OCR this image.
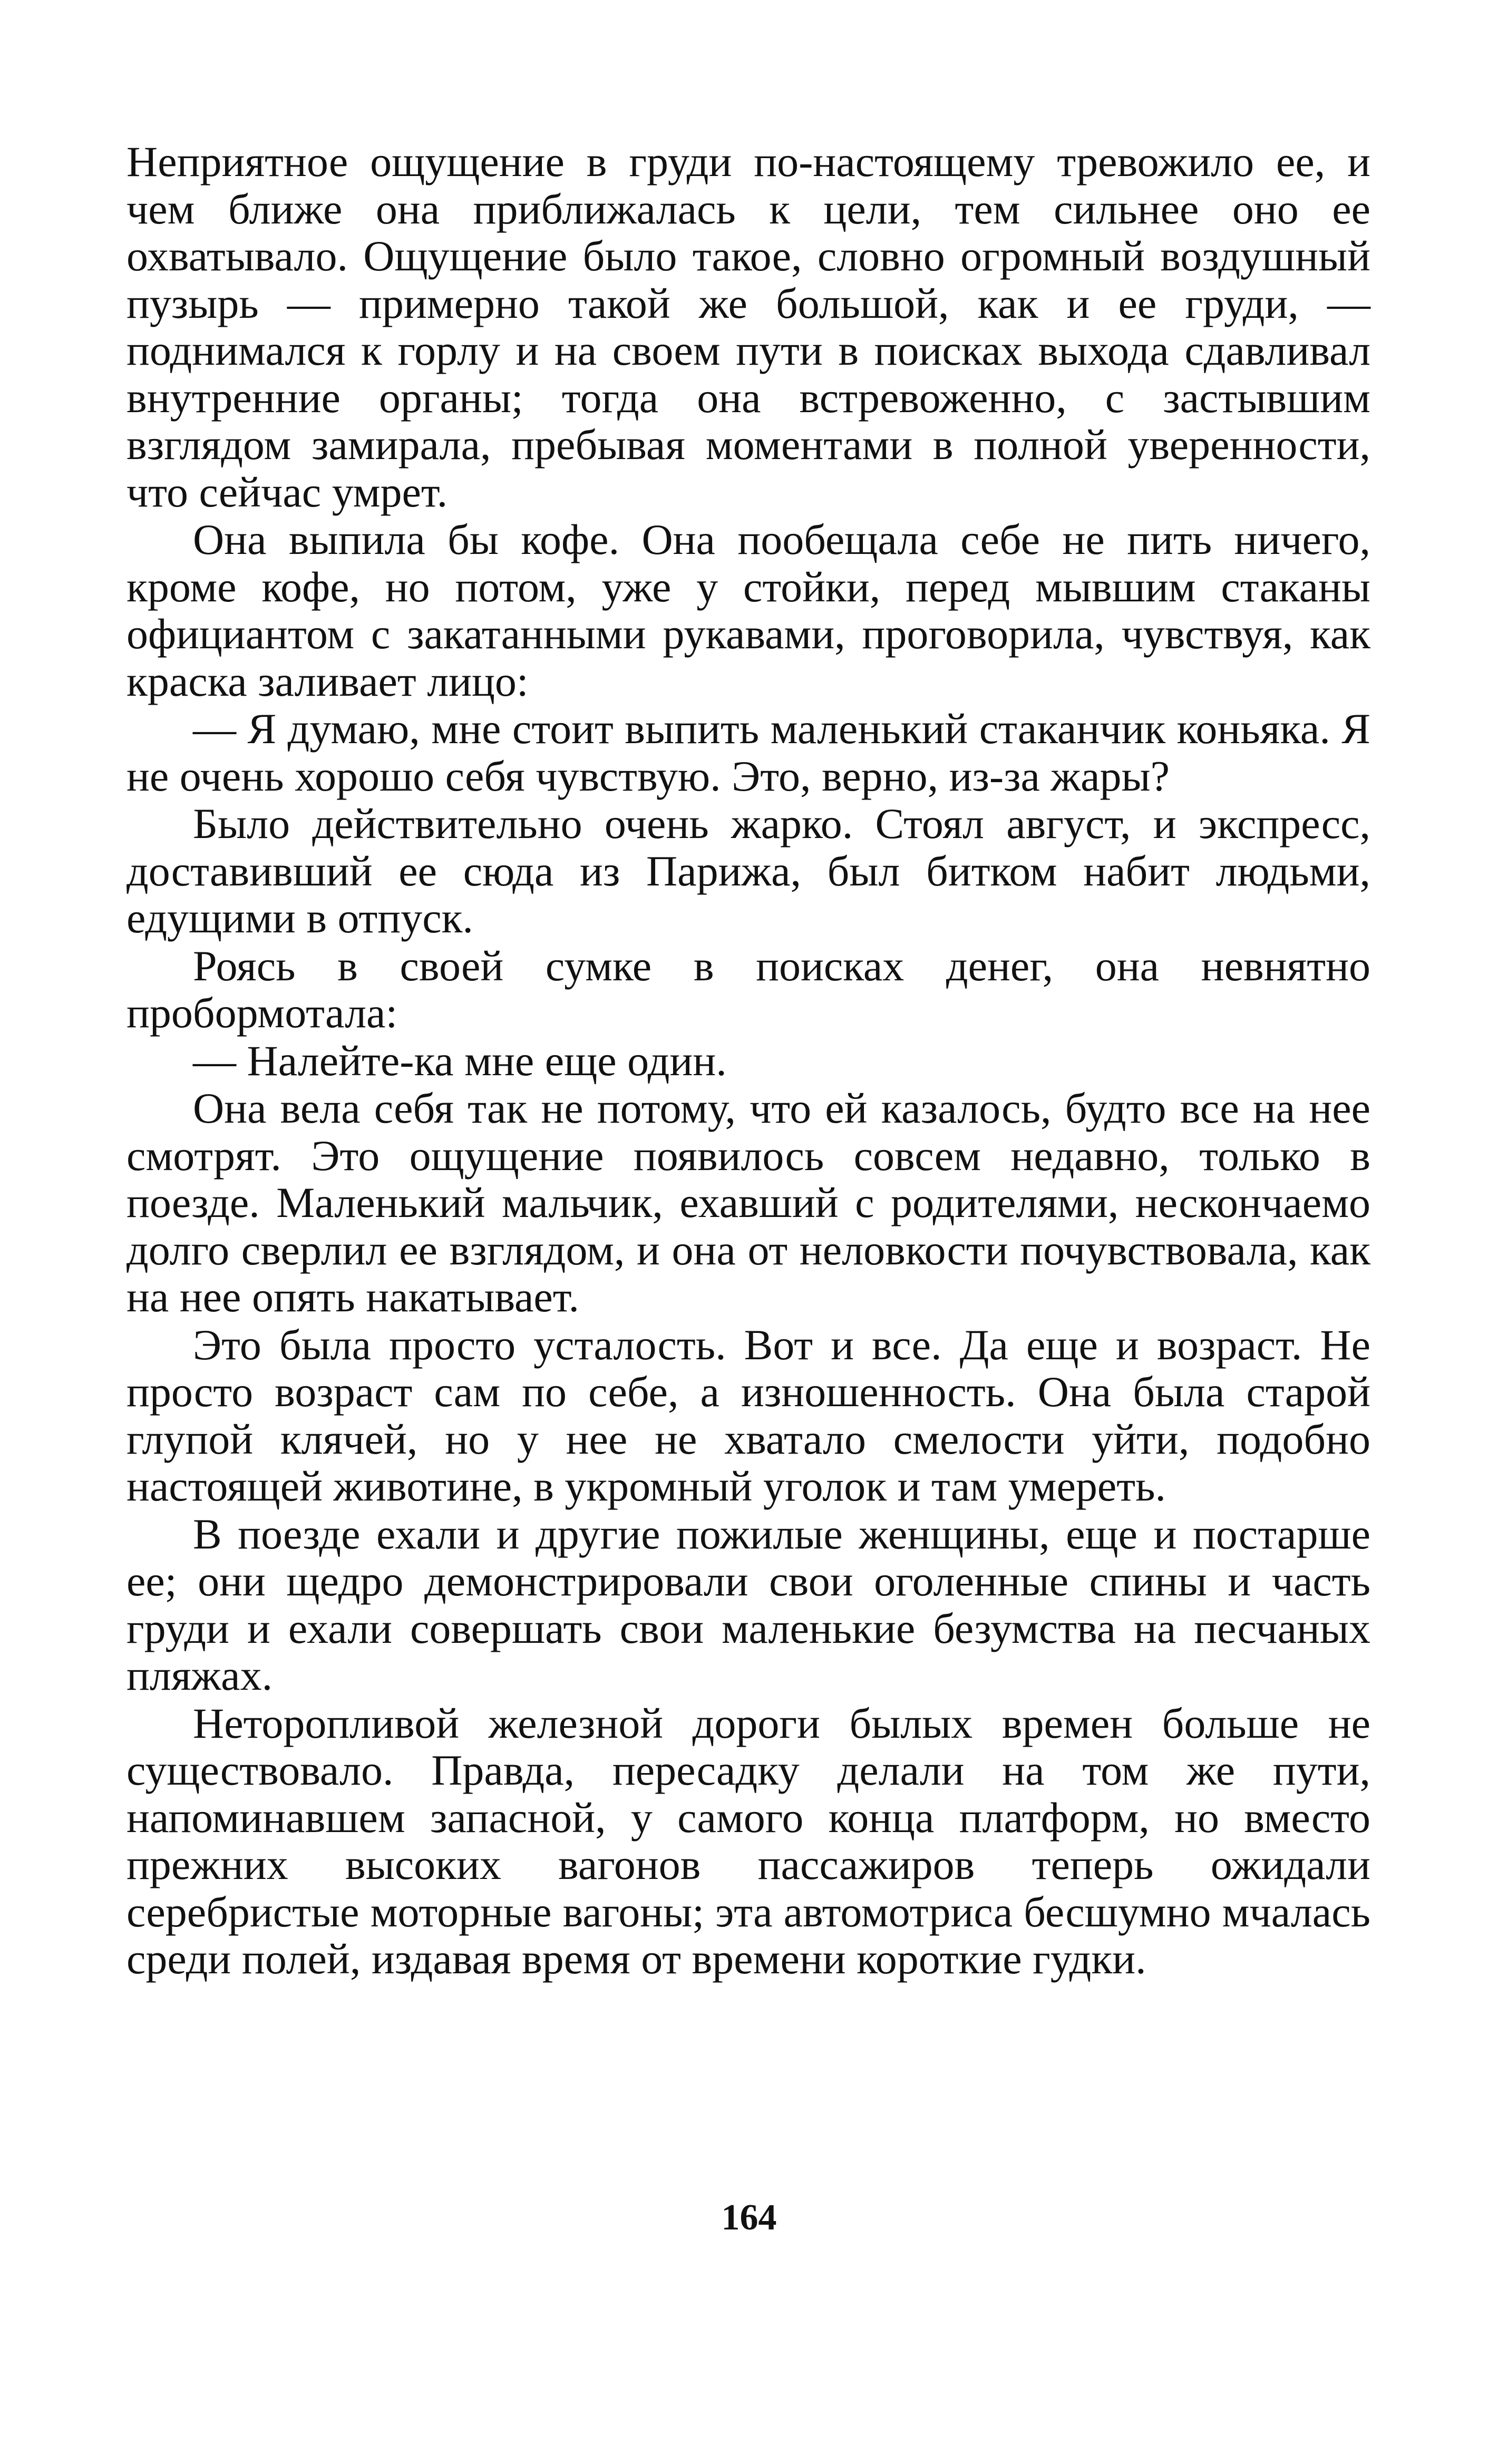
Неприятное ощущение в груди по-настоящему тревожило ее, и чем ближе она приближалась к цели, тем сильнее оно ее охватывало. Ощущение было такое, словно огромный воздушный пузырь — примерно такой же большой, как и ее груди, — поднимался к горлу и на своем пути в поисках выхода сдавливал внутренние органы; тогда она встревоженно, с застывшим взглядом замирала, пребывая моментами в полной уверенности, что сейчас умрет.

Она выпила бы кофе. Она пообещала себе не пить ничего, кроме кофе, но потом, уже у стойки, перед мывшим стаканы официантом с закатанными рукавами, проговорила, чувствуя, как краска заливает лицо:

— Я думаю, мне стоит выпить маленький стаканчик коньяка. Я не очень хорошо себя чувствую. Это, верно, из-за жары?

Было действительно очень жарко. Стоял август, и экспресс, доставивший ее сюда из Парижа, был битком набит людьми, едущими в отпуск.

Роясь в своей сумке в поисках денег, она невнятно пробормотала:

— Налейте-ка мне еще один.

Она вела себя так не потому, что ей казалось, будто все на нее смотрят. Это ощущение появилось совсем недавно, только в поезде. Маленький мальчик, ехавший с родителями, нескончаемо долго сверлил ее взглядом, и она от неловкости почувствовала, как на нее опять накатывает.

Это была просто усталость. Вот и все. Да еще и возраст. Не просто возраст сам по себе, а изношенность. Она была старой глупой клячей, но у нее не хватало смелости уйти, подобно настоящей животине, в укромный уголок и там умереть.

В поезде ехали и другие пожилые женщины, еще и постарше ее; они щедро демонстрировали свои оголенные спины и часть груди и ехали совершать свои маленькие безумства на песчаных пляжах.

Неторопливой железной дороги былых времен больше не существовало. Правда, пересадку делали на том же пути, напоминавшем запасной, у самого конца платформ, но вместо прежних высоких вагонов пассажиров теперь ожидали серебристые моторные вагоны; эта автомотриса бесшумно мчалась среди полей, издавая время от времени короткие гудки.

164
